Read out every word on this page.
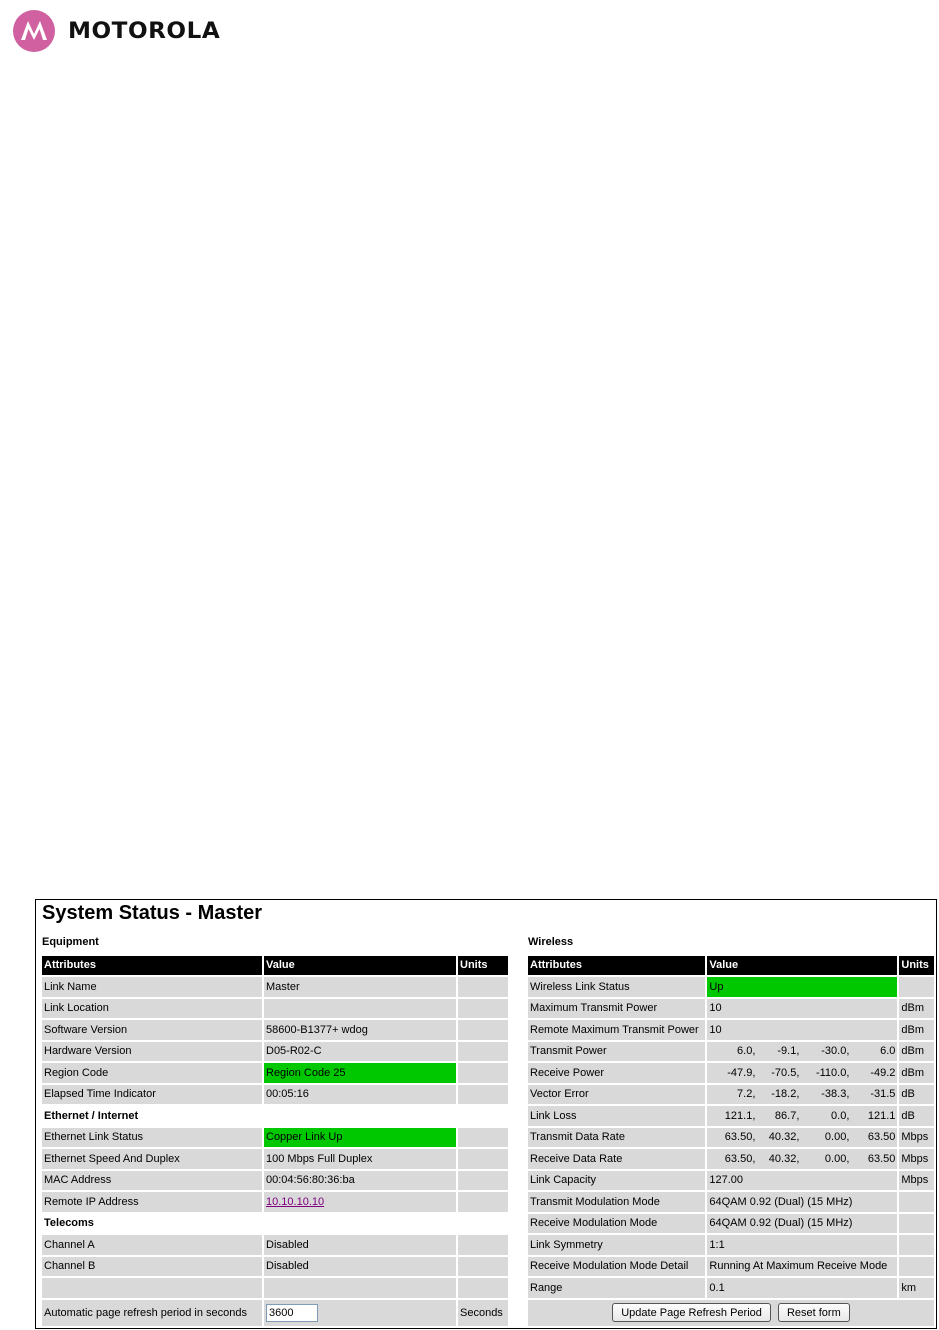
MOTOROLA
System Status - Master
Equipment
Attributes	Value	Units
Link Name	Master	
Link Location		
Software Version	58600-B1377+ wdog	
Hardware Version	D05-R02-C	
Region Code	Region Code 25	
Elapsed Time Indicator	00:05:16	
Ethernet / Internet		
Ethernet Link Status	Copper Link Up	
Ethernet Speed And Duplex	100 Mbps Full Duplex	
MAC Address	00:04:56:80:36:ba	
Remote IP Address	10.10.10.10	
Telecoms		
Channel A	Disabled	
Channel B	Disabled	

Automatic page refresh period in seconds	3600	Seconds
Wireless
Attributes	Value	Units
Wireless Link Status	Up	
Maximum Transmit Power	10	dBm
Remote Maximum Transmit Power	10	dBm
Transmit Power	6.0, -9.1, -30.0, 6.0	dBm
Receive Power	-47.9, -70.5, -110.0, -49.2	dBm
Vector Error	7.2, -18.2, -38.3, -31.5	dB
Link Loss	121.1, 86.7, 0.0, 121.1	dB
Transmit Data Rate	63.50, 40.32, 0.00, 63.50	Mbps
Receive Data Rate	63.50, 40.32, 0.00, 63.50	Mbps
Link Capacity	127.00	Mbps
Transmit Modulation Mode	64QAM 0.92 (Dual) (15 MHz)	
Receive Modulation Mode	64QAM 0.92 (Dual) (15 MHz)	
Link Symmetry	1:1	
Receive Modulation Mode Detail	Running At Maximum Receive Mode	
Range	0.1	km
Update Page Refresh Period Reset form		
